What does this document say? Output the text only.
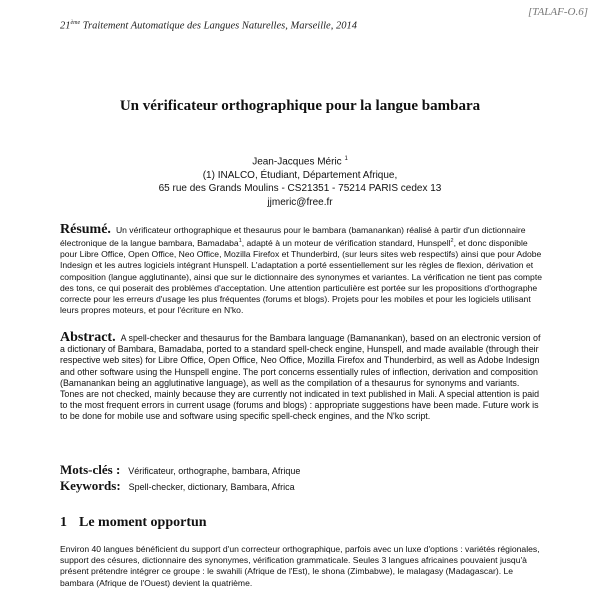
[TALAF-O.6]
21ème Traitement Automatique des Langues Naturelles, Marseille, 2014
Un vérificateur orthographique pour la langue bambara
Jean-Jacques Méric $^1$
(1) INALCO, Étudiant, Département Afrique,
65 rue des Grands Moulins - CS21351 - 75214 PARIS cedex 13
jjmeric@free.fr

Résumé. Un vérificateur orthographique et thesaurus pour le bambara (bamanankan) réalisé à partir d'un dictionnaire électronique de la langue bambara, Bamadaba$^1$, adapté à un moteur de vérification standard, Hunspell$^2$, et donc disponible pour Libre Office, Open Office, Neo Office, Mozilla Firefox et Thunderbird, (sur leurs sites web respectifs) ainsi que pour Adobe Indesign et les autres logiciels intégrant Hunspell. L'adaptation a porté essentiellement sur les règles de flexion, dérivation et composition (langue agglutinante), ainsi que sur le dictionnaire des synonymes et variantes. La vérification ne tient pas compte des tons, ce qui poserait des problèmes d'acceptation. Une attention particulière est portée sur les propositions d'orthographe correcte pour les erreurs d'usage les plus fréquentes (forums et blogs). Projets pour les mobiles et pour les logiciels utilisant leurs propres moteurs, et pour l'écriture en N'ko.

Abstract. A spell-checker and thesaurus for the Bambara language (Bamanankan), based on an electronic version of a dictionary of Bambara, Bamadaba, ported to a standard spell-check engine, Hunspell, and made available (through their respective web sites) for Libre Office, Open Office, Neo Office, Mozilla Firefox and Thunderbird, as well as Adobe Indesign and other software using the Hunspell engine. The port concerns essentially rules of inflection, derivation and composition (Bamanankan being an agglutinative language), as well as the compilation of a thesaurus for synonyms and variants. Tones are not checked, mainly because they are currently not indicated in text published in Mali. A special attention is paid to the most frequent errors in current usage (forums and blogs) : appropriate suggestions have been made. Future work is to be done for mobile use and software using specific spell-check engines, and the N'ko script.

Mots-clés : Vérificateur, orthographe, bambara, Afrique
Keywords: Spell-checker, dictionary, Bambara, Africa
1 Le moment opportun

Environ 40 langues bénéficient du support d'un correcteur orthographique, parfois avec un luxe d'options : variétés régionales, support des césures, dictionnaire des synonymes, vérification grammaticale. Seules 3 langues africaines pouvaient jusqu'à présent prétendre intégrer ce groupe : le swahili (Afrique de l'Est), le shona (Zimbabwe), le malagasy (Madagascar). Le bambara (Afrique de l'Ouest) devient la quatrième.
